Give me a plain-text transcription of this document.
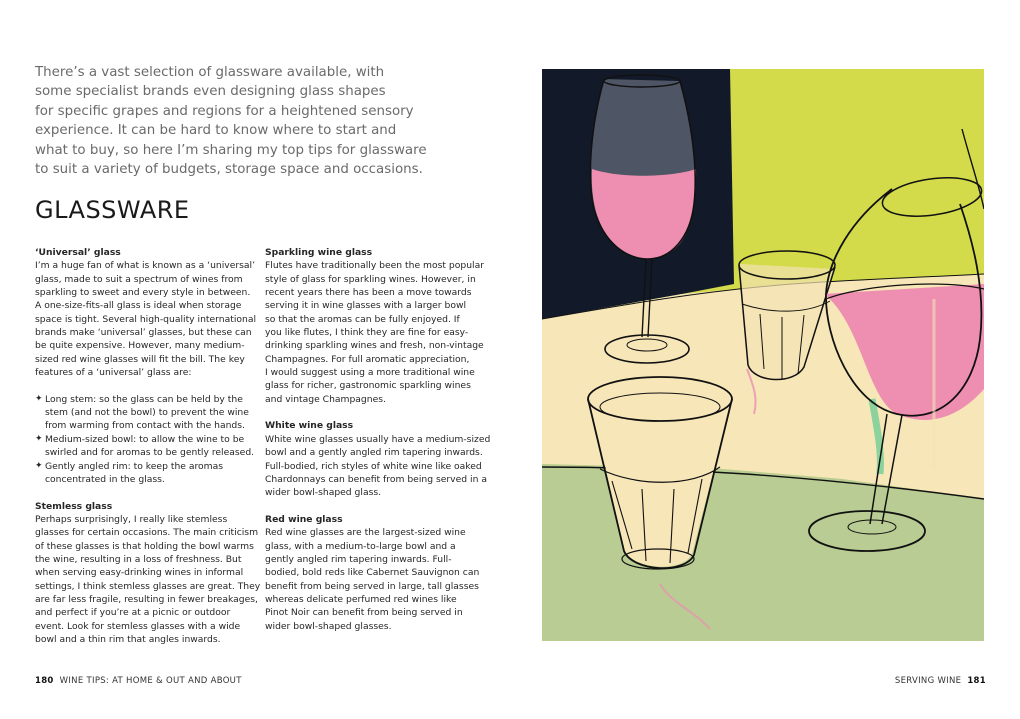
There’s a vast selection of glassware available, with
some specialist brands even designing glass shapes
for specific grapes and regions for a heightened sensory
experience. It can be hard to know where to start and
what to buy, so here I’m sharing my top tips for glassware
to suit a variety of budgets, storage space and occasions.
GLASSWARE
‘Universal’ glass

I’m a huge fan of what is known as a ‘universal’
glass, made to suit a spectrum of wines from
sparkling to sweet and every style in between.
A one-size-fits-all glass is ideal when storage
space is tight. Several high-quality international
brands make ‘universal’ glasses, but these can
be quite expensive. However, many medium-
sized red wine glasses will fit the bill. The key
features of a ‘universal’ glass are:

✦ Long stem: so the glass can be held by the
stem (and not the bowl) to prevent the wine
from warming from contact with the hands.
✦ Medium-sized bowl: to allow the wine to be
swirled and for aromas to be gently released.
✦ Gently angled rim: to keep the aromas
concentrated in the glass.
Stemless glass

Perhaps surprisingly, I really like stemless
glasses for certain occasions. The main criticism
of these glasses is that holding the bowl warms
the wine, resulting in a loss of freshness. But
when serving easy-drinking wines in informal
settings, I think stemless glasses are great. They
are far less fragile, resulting in fewer breakages,
and perfect if you’re at a picnic or outdoor
event. Look for stemless glasses with a wide
bowl and a thin rim that angles inwards.

Sparkling wine glass

Flutes have traditionally been the most popular
style of glass for sparkling wines. However, in
recent years there has been a move towards
serving it in wine glasses with a larger bowl
so that the aromas can be fully enjoyed. If
you like flutes, I think they are fine for easy-
drinking sparkling wines and fresh, non-vintage
Champagnes. For full aromatic appreciation,
I would suggest using a more traditional wine
glass for richer, gastronomic sparkling wines
and vintage Champagnes.

White wine glass

White wine glasses usually have a medium-sized
bowl and a gently angled rim tapering inwards.
Full-bodied, rich styles of white wine like oaked
Chardonnays can benefit from being served in a
wider bowl-shaped glass.

Red wine glass

Red wine glasses are the largest-sized wine
glass, with a medium-to-large bowl and a
gently angled rim tapering inwards. Full-
bodied, bold reds like Cabernet Sauvignon can
benefit from being served in large, tall glasses
whereas delicate perfumed red wines like
Pinot Noir can benefit from being served in
wider bowl-shaped glasses.

180 WINE TIPS: AT HOME & OUT AND ABOUT	SERVING WINE 181
